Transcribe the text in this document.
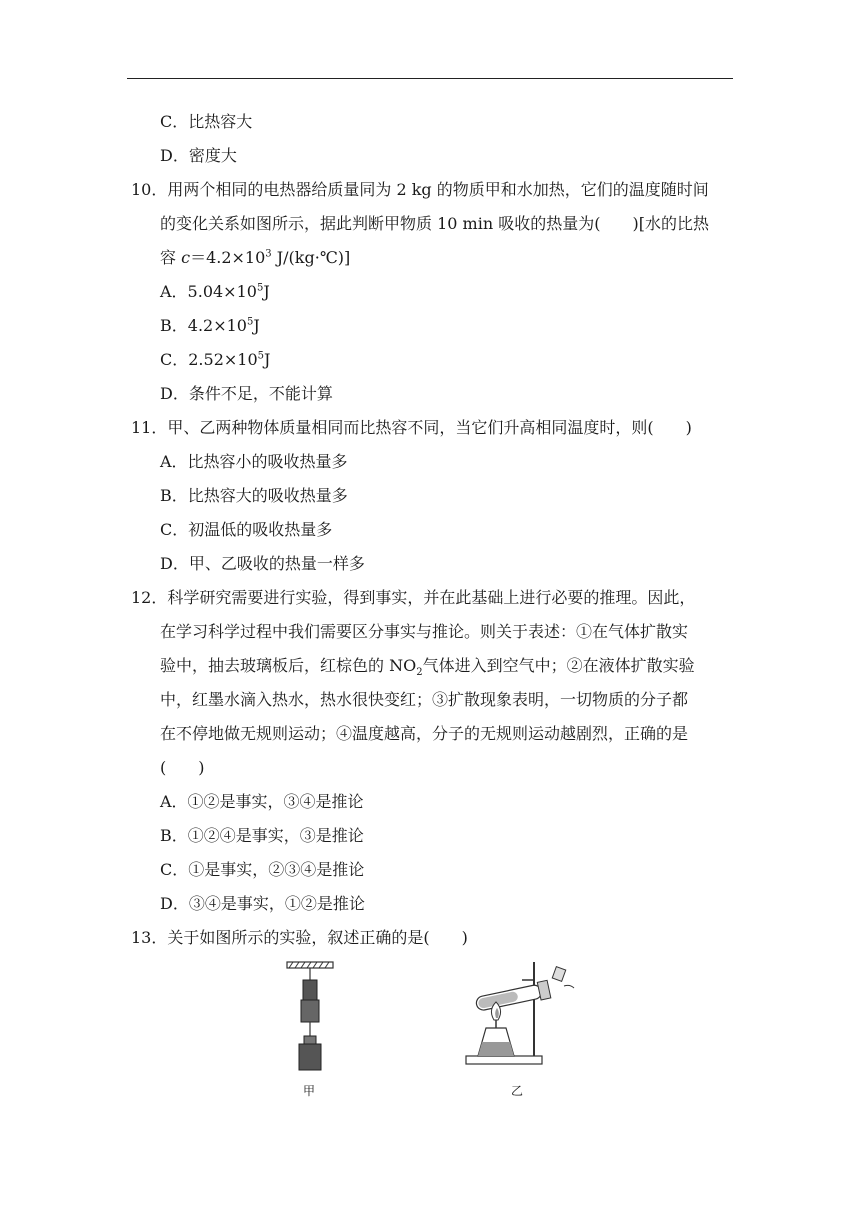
C．比热容大
D．密度大
10．用两个相同的电热器给质量同为 2 kg 的物质甲和水加热，它们的温度随时间
的变化关系如图所示，据此判断甲物质 10 min 吸收的热量为(　　)[水的比热
容 $c=4.2\times 10^3$ J/(kg·℃)]
A．$5.04\times 10^5J$
B．$4.2\times 10^5J$
C．$2.52\times 10^5J$
D．条件不足，不能计算
11．甲、乙两种物体质量相同而比热容不同，当它们升高相同温度时，则(　　)
A．比热容小的吸收热量多
B．比热容大的吸收热量多
C．初温低的吸收热量多
D．甲、乙吸收的热量一样多
12．科学研究需要进行实验，得到事实，并在此基础上进行必要的推理。因此，
在学习科学过程中我们需要区分事实与推论。则关于表述：①在气体扩散实
验中，抽去玻璃板后，红棕色的 $NO_2$气体进入到空气中；②在液体扩散实验
中，红墨水滴入热水，热水很快变红；③扩散现象表明，一切物质的分子都
在不停地做无规则运动；④温度越高，分子的无规则运动越剧烈，正确的是
(　　)
A．①②是事实，③④是推论
B．①②④是事实，③是推论
C．①是事实，②③④是推论
D．③④是事实，①②是推论
13．关于如图所示的实验，叙述正确的是(　　)
甲	乙
